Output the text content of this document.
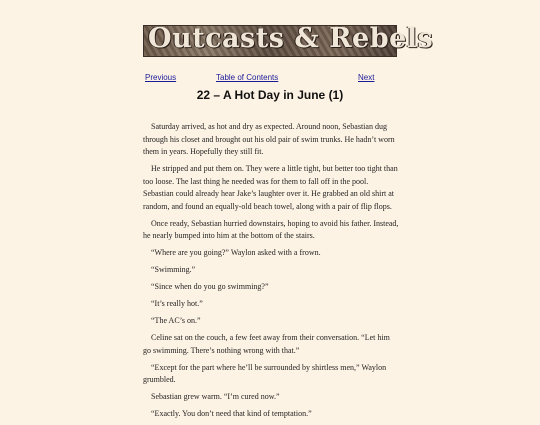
Outcasts & Rebels
Previous	Table of Contents	Next
22 – A Hot Day in June (1)

Saturday arrived, as hot and dry as expected. Around noon, Sebastian dug through his closet and brought out his old pair of swim trunks. He hadn’t worn them in years. Hopefully they still fit.

He stripped and put them on. They were a little tight, but better too tight than too loose. The last thing he needed was for them to fall off in the pool. Sebastian could already hear Jake’s laughter over it. He grabbed an old shirt at random, and found an equally-old beach towel, along with a pair of flip flops.

Once ready, Sebastian hurried downstairs, hoping to avoid his father. Instead, he nearly bumped into him at the bottom of the stairs.

“Where are you going?” Waylon asked with a frown.

“Swimming.”

“Since when do you go swimming?”

“It’s really hot.”

“The AC’s on.”

Celine sat on the couch, a few feet away from their conversation. “Let him go swimming. There’s nothing wrong with that.”

“Except for the part where he’ll be surrounded by shirtless men,” Waylon grumbled.

Sebastian grew warm. “I’m cured now.”

“Exactly. You don’t need that kind of temptation.”
